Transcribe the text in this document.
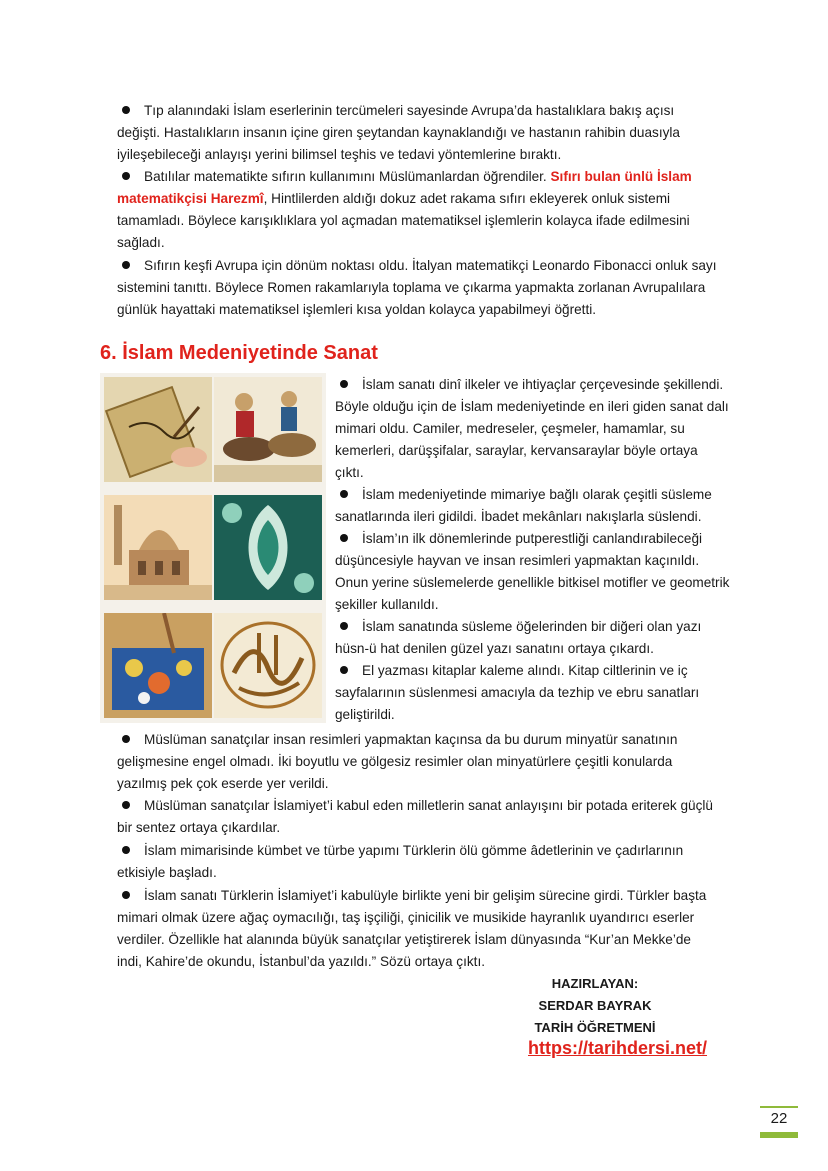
Tıp alanındaki İslam eserlerinin tercümeleri sayesinde Avrupa’da hastalıklara bakış açısı değişti. Hastalıkların insanın içine giren şeytandan kaynaklandığı ve hastanın rahibin duasıyla iyileşebileceği anlayışı yerini bilimsel teşhis ve tedavi yöntemlerine bıraktı.

Batılılar matematikte sıfırın kullanımını Müslümanlardan öğrendiler. Sıfırı bulan ünlü İslam matematikçisi Harezmî, Hintlilerden aldığı dokuz adet rakama sıfırı ekleyerek onluk sistemi tamamladı. Böylece karışıklıklara yol açmadan matematiksel işlemlerin kolayca ifade edilmesini sağladı.

Sıfırın keşfi Avrupa için dönüm noktası oldu. İtalyan matematikçi Leonardo Fibonacci onluk sayı sistemini tanıttı. Böylece Romen rakamlarıyla toplama ve çıkarma yapmakta zorlanan Avrupalılara günlük hayattaki matematiksel işlemleri kısa yoldan kolayca yapabilmeyi öğretti.

6. İslam Medeniyetinde Sanat

İslam sanatı dinî ilkeler ve ihtiyaçlar çerçevesinde şekillendi. Böyle olduğu için de İslam medeniyetinde en ileri giden sanat dalı mimari oldu. Camiler, medreseler, çeşmeler, hamamlar, su kemerleri, darüşşifalar, saraylar, kervansaraylar böyle ortaya çıktı.

İslam medeniyetinde mimariye bağlı olarak çeşitli süsleme sanatlarında ileri gidildi. İbadet mekânları nakışlarla süslendi.

İslam’ın ilk dönemlerinde putperestliği canlandırabileceği düşüncesiyle hayvan ve insan resimleri yapmaktan kaçınıldı. Onun yerine süslemelerde genellikle bitkisel motifler ve geometrik şekiller kullanıldı.

İslam sanatında süsleme öğelerinden bir diğeri olan yazı hüsn-ü hat denilen güzel yazı sanatını ortaya çıkardı.

El yazması kitaplar kaleme alındı. Kitap ciltlerinin ve iç sayfalarının süslenmesi amacıyla da tezhip ve ebru sanatları geliştirildi.

Müslüman sanatçılar insan resimleri yapmaktan kaçınsa da bu durum minyatür sanatının gelişmesine engel olmadı. İki boyutlu ve gölgesiz resimler olan minyatürlere çeşitli konularda yazılmış pek çok eserde yer verildi.

Müslüman sanatçılar İslamiyet’i kabul eden milletlerin sanat anlayışını bir potada eriterek güçlü bir sentez ortaya çıkardılar.

İslam mimarisinde kümbet ve türbe yapımı Türklerin ölü gömme âdetlerinin ve çadırlarının etkisiyle başladı.

İslam sanatı Türklerin İslamiyet’i kabulüyle birlikte yeni bir gelişim sürecine girdi. Türkler başta mimari olmak üzere ağaç oymacılığı, taş işçiliği, çinicilik ve musikide hayranlık uyandırıcı eserler verdiler. Özellikle hat alanında büyük sanatçılar yetiştirerek İslam dünyasında “Kur’an Mekke’de indi, Kahire’de okundu, İstanbul’da yazıldı.” Sözü ortaya çıktı.

HAZIRLAYAN:
SERDAR BAYRAK
TARİH ÖĞRETMENİ
https://tarihdersi.net/
22
